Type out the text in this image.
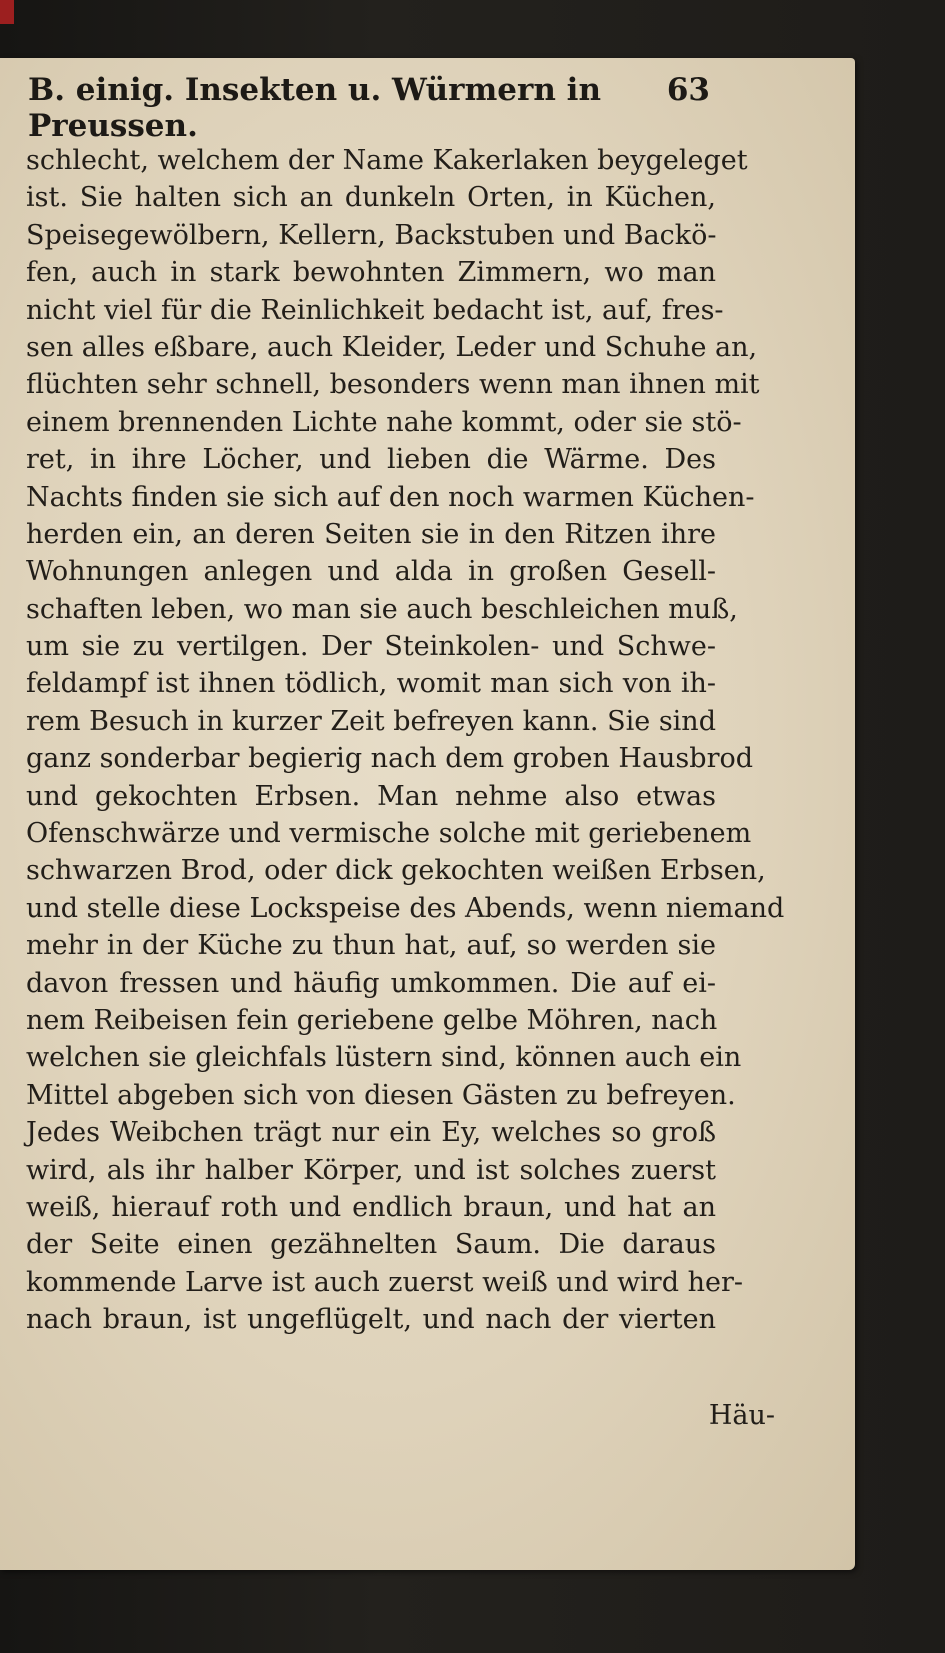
B. einig. Insekten u. Würmern in Preussen.
63
schlecht, welchem der Name Kakerlaken beygeleget
ist. Sie halten sich an dunkeln Orten, in Küchen,
Speisegewölbern, Kellern, Backstuben und Backö-
fen, auch in stark bewohnten Zimmern, wo man
nicht viel für die Reinlichkeit bedacht ist, auf, fres-
sen alles eßbare, auch Kleider, Leder und Schuhe an,
flüchten sehr schnell, besonders wenn man ihnen mit
einem brennenden Lichte nahe kommt, oder sie stö-
ret, in ihre Löcher, und lieben die Wärme. Des
Nachts finden sie sich auf den noch warmen Küchen-
herden ein, an deren Seiten sie in den Ritzen ihre
Wohnungen anlegen und alda in großen Gesell-
schaften leben, wo man sie auch beschleichen muß,
um sie zu vertilgen. Der Steinkolen- und Schwe-
feldampf ist ihnen tödlich, womit man sich von ih-
rem Besuch in kurzer Zeit befreyen kann. Sie sind
ganz sonderbar begierig nach dem groben Hausbrod
und gekochten Erbsen. Man nehme also etwas
Ofenschwärze und vermische solche mit geriebenem
schwarzen Brod, oder dick gekochten weißen Erbsen,
und stelle diese Lockspeise des Abends, wenn niemand
mehr in der Küche zu thun hat, auf, so werden sie
davon fressen und häufig umkommen. Die auf ei-
nem Reibeisen fein geriebene gelbe Möhren, nach
welchen sie gleichfals lüstern sind, können auch ein
Mittel abgeben sich von diesen Gästen zu befreyen.
Jedes Weibchen trägt nur ein Ey, welches so groß
wird, als ihr halber Körper, und ist solches zuerst
weiß, hierauf roth und endlich braun, und hat an
der Seite einen gezähnelten Saum. Die daraus
kommende Larve ist auch zuerst weiß und wird her-
nach braun, ist ungeflügelt, und nach der vierten
Häu-
